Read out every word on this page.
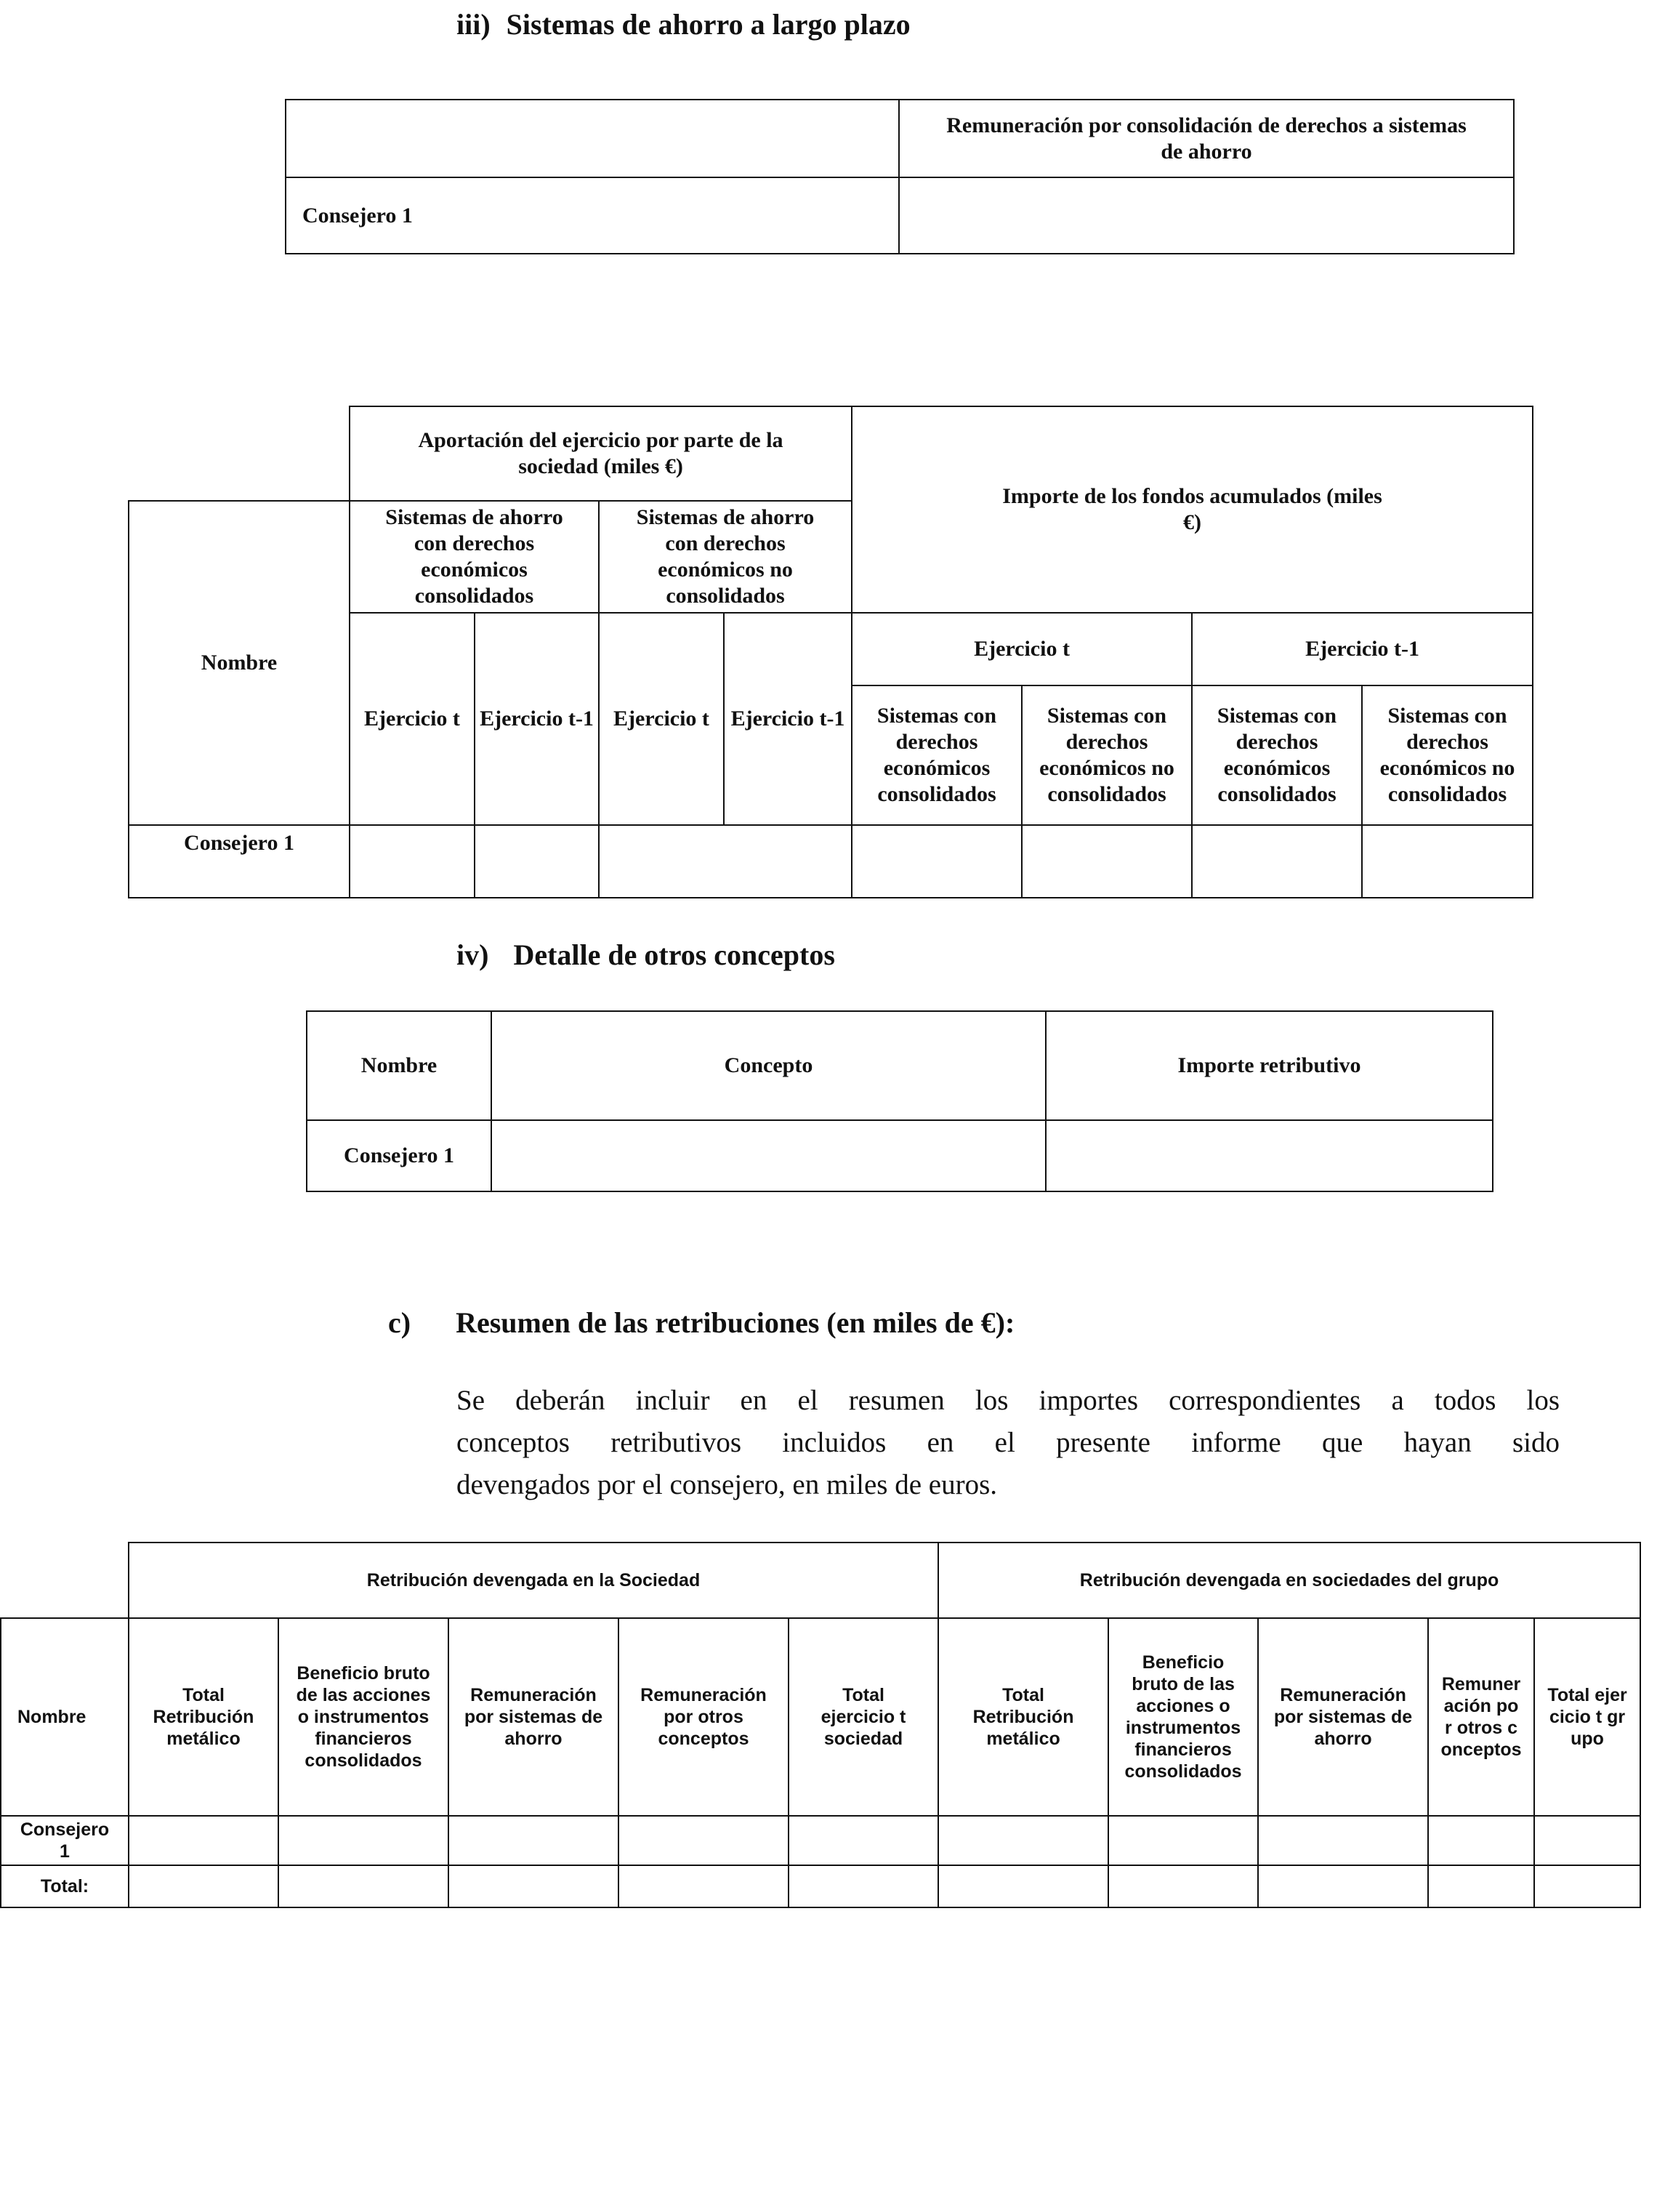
iii) Sistemas de ahorro a largo plazo
	Remuneración por consolidación de derechos a sistemas de ahorro
Consejero 1	
	Aportación del ejercicio por parte de la sociedad (miles €)				Importe de los fondos acumulados (miles €)			
Nombre	Sistemas de ahorro con derechos económicos consolidados		Sistemas de ahorro con derechos económicos no consolidados					
	Ejercicio t	Ejercicio t-1	Ejercicio t	Ejercicio t-1	Ejercicio t		Ejercicio t-1	
					Sistemas con derechos económicos consolidados	Sistemas con derechos económicos no consolidados	Sistemas con derechos económicos consolidados	Sistemas con derechos económicos no consolidados
Consejero 1								
iv) Detalle de otros conceptos
Nombre	Concepto	Importe retributivo
Consejero 1		
c) Resumen de las retribuciones (en miles de €):
Se deberán incluir en el resumen los importes correspondientes a todos los
conceptos retributivos incluidos en el presente informe que hayan sido
devengados por el consejero, en miles de euros.
	Retribución devengada en la Sociedad					Retribución devengada en sociedades del grupo				
Nombre	Total Retribución metálico	Beneficio bruto de las acciones o instrumentos financieros consolidados	Remuneración por sistemas de ahorro	Remuneración por otros conceptos	Total ejercicio t sociedad	Total Retribución metálico	Beneficio bruto de las acciones o instrumentos financieros consolidados	Remuneración por sistemas de ahorro	Remuneración por otros conceptos	Total ejercicio t grupo
Consejero 1										
Total:										
